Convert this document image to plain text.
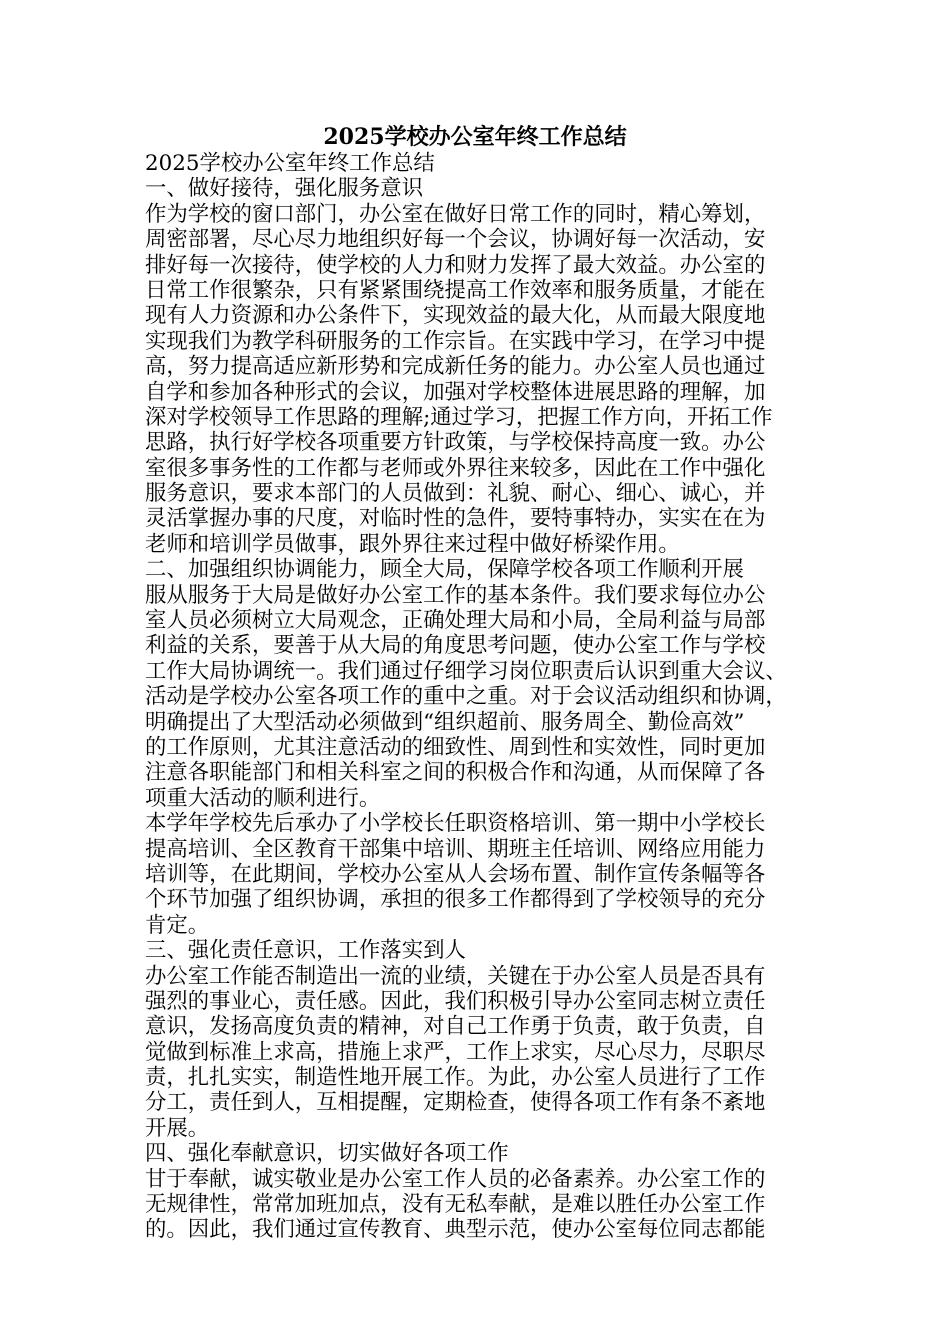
2025学校办公室年终工作总结
2025学校办公室年终工作总结
一、做好接待，强化服务意识
作为学校的窗口部门，办公室在做好日常工作的同时，精心筹划，
周密部署，尽心尽力地组织好每一个会议，协调好每一次活动，安
排好每一次接待，使学校的人力和财力发挥了最大效益。办公室的
日常工作很繁杂，只有紧紧围绕提高工作效率和服务质量，才能在
现有人力资源和办公条件下，实现效益的最大化，从而最大限度地
实现我们为教学科研服务的工作宗旨。在实践中学习，在学习中提
高，努力提高适应新形势和完成新任务的能力。办公室人员也通过
自学和参加各种形式的会议，加强对学校整体进展思路的理解，加
深对学校领导工作思路的理解;通过学习，把握工作方向，开拓工作
思路，执行好学校各项重要方针政策，与学校保持高度一致。办公
室很多事务性的工作都与老师或外界往来较多，因此在工作中强化
服务意识，要求本部门的人员做到：礼貌、耐心、细心、诚心，并
灵活掌握办事的尺度，对临时性的急件，要特事特办，实实在在为
老师和培训学员做事，跟外界往来过程中做好桥梁作用。
二、加强组织协调能力，顾全大局，保障学校各项工作顺利开展
服从服务于大局是做好办公室工作的基本条件。我们要求每位办公
室人员必须树立大局观念，正确处理大局和小局，全局利益与局部
利益的关系，要善于从大局的角度思考问题，使办公室工作与学校
工作大局协调统一。我们通过仔细学习岗位职责后认识到重大会议、
活动是学校办公室各项工作的重中之重。对于会议活动组织和协调，
明确提出了大型活动必须做到“组织超前、服务周全、勤俭高效”
的工作原则，尤其注意活动的细致性、周到性和实效性，同时更加
注意各职能部门和相关科室之间的积极合作和沟通，从而保障了各
项重大活动的顺利进行。
本学年学校先后承办了小学校长任职资格培训、第一期中小学校长
提高培训、全区教育干部集中培训、期班主任培训、网络应用能力
培训等，在此期间，学校办公室从人会场布置、制作宣传条幅等各
个环节加强了组织协调，承担的很多工作都得到了学校领导的充分
肯定。
三、强化责任意识，工作落实到人
办公室工作能否制造出一流的业绩，关键在于办公室人员是否具有
强烈的事业心，责任感。因此，我们积极引导办公室同志树立责任
意识，发扬高度负责的精神，对自己工作勇于负责，敢于负责，自
觉做到标准上求高，措施上求严，工作上求实，尽心尽力，尽职尽
责，扎扎实实，制造性地开展工作。为此，办公室人员进行了工作
分工，责任到人，互相提醒，定期检查，使得各项工作有条不紊地
开展。
四、强化奉献意识，切实做好各项工作
甘于奉献，诚实敬业是办公室工作人员的必备素养。办公室工作的
无规律性，常常加班加点，没有无私奉献，是难以胜任办公室工作
的。因此，我们通过宣传教育、典型示范，使办公室每位同志都能
